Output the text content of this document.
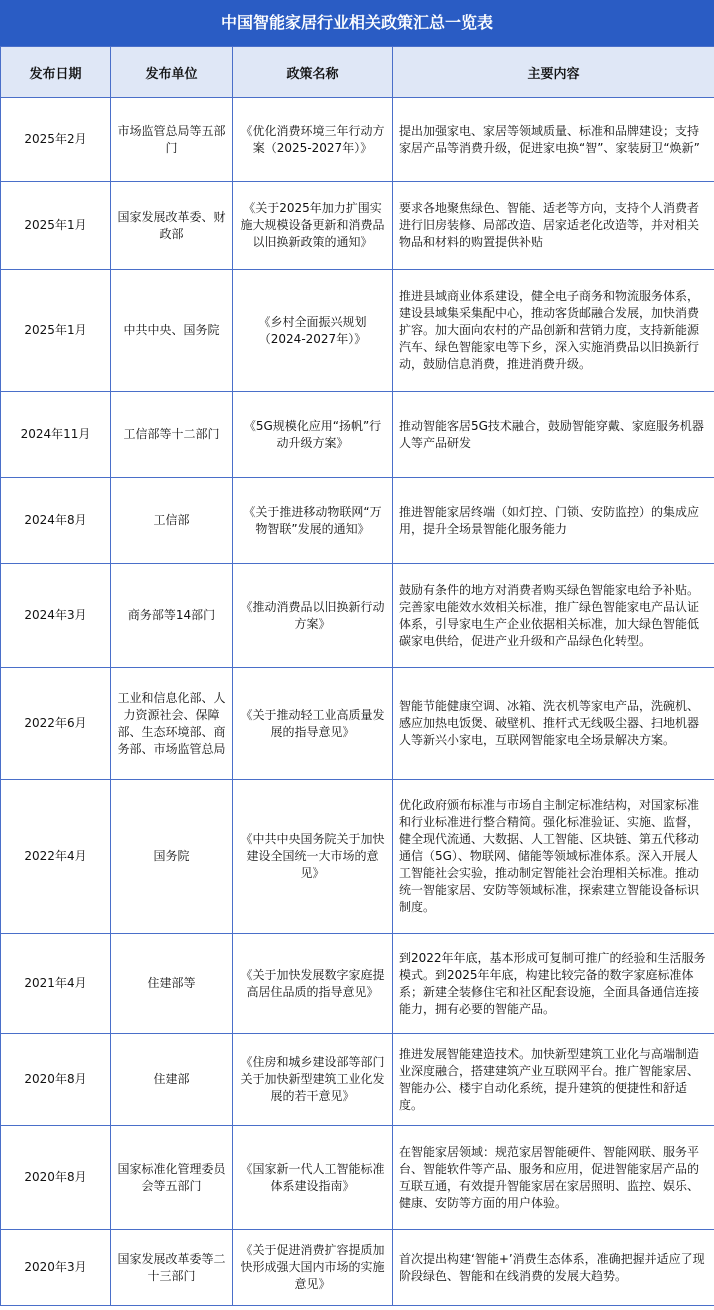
中国智能家居行业相关政策汇总一览表
发布日期	发布单位	政策名称	主要内容
2025年2月	市场监管总局等五部门	《优化消费环境三年行动方案（2025-2027年）》	提出加强家电、家居等领域质量、标准和品牌建设；支持家居产品等消费升级，促进家电换“智”、家装厨卫“焕新”
2025年1月	国家发展改革委、财政部	《关于2025年加力扩围实施大规模设备更新和消费品以旧换新政策的通知》	要求各地聚焦绿色、智能、适老等方向，支持个人消费者进行旧房装修、局部改造、居家适老化改造等，并对相关物品和材料的购置提供补贴
2025年1月	中共中央、国务院	《乡村全面振兴规划（2024-2027年）》	推进县域商业体系建设，健全电子商务和物流服务体系，建设县域集采集配中心，推动客货邮融合发展，加快消费扩容。加大面向农村的产品创新和营销力度，支持新能源汽车、绿色智能家电等下乡，深入实施消费品以旧换新行动，鼓励信息消费，推进消费升级。
2024年11月	工信部等十二部门	《5G规模化应用“扬帆”行动升级方案》	推动智能客居5G技术融合，鼓励智能穿戴、家庭服务机器人等产品研发
2024年8月	工信部	《关于推进移动物联网“万物智联”发展的通知》	推进智能家居终端（如灯控、门锁、安防监控）的集成应用，提升全场景智能化服务能力
2024年3月	商务部等14部门	《推动消费品以旧换新行动方案》	鼓励有条件的地方对消费者购买绿色智能家电给予补贴。完善家电能效水效相关标准，推广绿色智能家电产品认证体系，引导家电生产企业依据相关标准，加大绿色智能低碳家电供给，促进产业升级和产品绿色化转型。
2022年6月	工业和信息化部、人力资源社会、保障部、生态环境部、商务部、市场监管总局	《关于推动轻工业高质量发展的指导意见》	智能节能健康空调、冰箱、洗衣机等家电产品，洗碗机、感应加热电饭煲、破壁机、推杆式无线吸尘器、扫地机器人等新兴小家电，互联网智能家电全场景解决方案。
2022年4月	国务院	《中共中央国务院关于加快建设全国统一大市场的意见》	优化政府颁布标准与市场自主制定标准结构，对国家标准和行业标准进行整合精简。强化标准验证、实施、监督，健全现代流通、大数据、人工智能、区块链、第五代移动通信（5G）、物联网、储能等领域标准体系。深入开展人工智能社会实验，推动制定智能社会治理相关标准。推动统一智能家居、安防等领域标准，探索建立智能设备标识制度。
2021年4月	住建部等	《关于加快发展数字家庭提高居住品质的指导意见》	到2022年年底，基本形成可复制可推广的经验和生活服务模式。到2025年年底，构建比较完备的数字家庭标准体系；新建全装修住宅和社区配套设施，全面具备通信连接能力，拥有必要的智能产品。
2020年8月	住建部	《住房和城乡建设部等部门关于加快新型建筑工业化发展的若干意见》	推进发展智能建造技术。加快新型建筑工业化与高端制造业深度融合，搭建建筑产业互联网平台。推广智能家居、智能办公、楼宇自动化系统，提升建筑的便捷性和舒适度。
2020年8月	国家标准化管理委员会等五部门	《国家新一代人工智能标准体系建设指南》	在智能家居领域：规范家居智能硬件、智能网联、服务平台、智能软件等产品、服务和应用，促进智能家居产品的互联互通，有效提升智能家居在家居照明、监控、娱乐、健康、安防等方面的用户体验。
2020年3月	国家发展改革委等二十三部门	《关于促进消费扩容提质加快形成强大国内市场的实施意见》	首次提出构建‘智能+’消费生态体系，准确把握并适应了现阶段绿色、智能和在线消费的发展大趋势。
